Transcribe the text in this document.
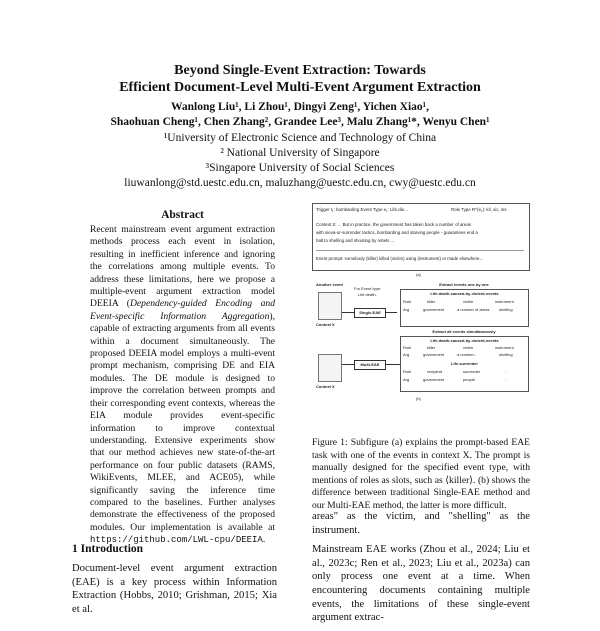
Beyond Single-Event Extraction: Towards
Efficient Document-Level Multi-Event Argument Extraction
Wanlong Liu¹, Li Zhou¹, Dingyi Zeng¹, Yichen Xiao¹,
Shaohuan Cheng¹, Chen Zhang², Grandee Lee³, Malu Zhang¹*, Wenyu Chen¹
¹University of Electronic Science and Technology of China
² National University of Singapore
³Singapore University of Social Sciences
liuwanlong@std.uestc.edu.cn, maluzhang@uestc.edu.cn, cwy@uestc.edu.cn
Abstract
Recent mainstream event argument extraction methods process each event in isolation, resulting in inefficient inference and ignoring the correlations among multiple events. To address these limitations, here we propose a multiple-event argument extraction model DEEIA (Dependency-guided Encoding and Event-specific Information Aggregation), capable of extracting arguments from all events within a document simultaneously. The proposed DEEIA model employs a multi-event prompt mechanism, comprising DE and EIA modules. The DE module is designed to improve the correlation between prompts and their corresponding event contexts, whereas the EIA module provides event-specific information to improve contextual understanding. Extensive experiments show that our method achieves new state-of-the-art performance on four public datasets (RAMS, WikiEvents, MLEE, and ACE05), while significantly saving the inference time compared to the baselines. Further analyses demonstrate the effectiveness of the proposed modules. Our implementation is available at https://github.com/LWL-cpu/DEEIA.
1 Introduction
Document-level event argument extraction (EAE) is a key process within Information Extraction (Hobbs, 2010; Grishman, 2015; Xia et al.
Trigger t₁: bombarding Event Type e₁: Life.die...	Role Type R^{e₁}: kil, vic, ins
Context X: ... But in practice, the government has taken back a number of areas
with sieva-or-surrender tactics, bombarding and starving people - guarantees end a
halt to shelling and shooting by rebels ...
Event prompt: somebody (killer) killed (victim) using (instrument) or made elsewhere...
(a)
Another event
Context X
For Event type:
Life.death.
Single-EAE
Extract events one by one
Life.death-caused-by-violent-events
Role	killer	victim	instrument
Arg	government	a number of areas	shelling
Extract all events simultaneously
Life.death-caused-by-violent-events
Role	killer	victim	instrument
Arg	government	a number...	shelling
Life.surrender
Role	recipient	surrender	-
Arg	government	people	-
Context X
Multi-EAE
(b)
Figure 1: Subfigure (a) explains the prompt-based EAE task with one of the events in context X. The prompt is manually designed for the specified event type, with mentions of roles as slots, such as ⟨killer⟩. (b) shows the difference between traditional Single-EAE method and our Multi-EAE method, the latter is more difficult.

areas" as the victim, and "shelling" as the instrument.

Mainstream EAE works (Zhou et al., 2024; Liu et al., 2023c; Ren et al., 2023; Liu et al., 2023a) can only process one event at a time. When encountering documents containing multiple events, the limitations of these single-event argument extrac-
